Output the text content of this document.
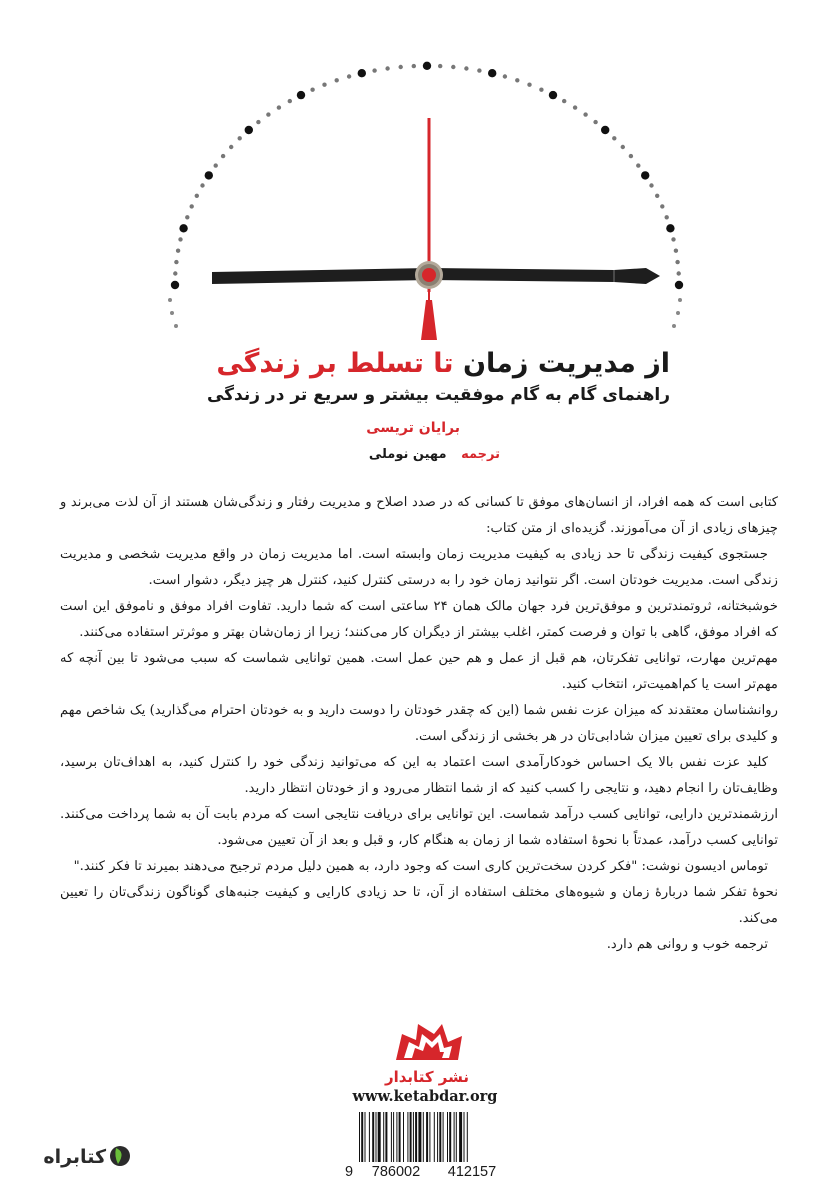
از مدیریت زمان تا تسلط بر زندگی
راهنمای گام به گام موفقیت بیشتر و سریع تر در زندگی
برایان تریسی
ترجمه مهین نوملی

کتابی است که همه افراد، از انسان‌های موفق تا کسانی که در صدد اصلاح و مدیریت رفتار و زندگی‌شان هستند از آن لذت می‌برند و چیزهای زیادی از آن می‌آموزند. گزیده‌ای از متن کتاب:

جستجوی کیفیت زندگی تا حد زیادی به کیفیت مدیریت زمان وابسته است. اما مدیریت زمان در واقع مدیریت شخصی و مدیریت زندگی است. مدیریت خودتان است. اگر نتوانید زمان خود را به درستی کنترل کنید، کنترل هر چیز دیگر، دشوار است.

خوشبختانه، ثروتمندترین و موفق‌ترین فرد جهان مالک همان ۲۴ ساعتی است که شما دارید. تفاوت افراد موفق و ناموفق این است که افراد موفق، گاهی با توان و فرصت کمتر، اغلب بیشتر از دیگران کار می‌کنند؛ زیرا از زمان‌شان بهتر و موثرتر استفاده می‌کنند.

مهم‌ترین مهارت، توانایی تفکرتان، هم قبل از عمل و هم حین عمل است. همین توانایی شماست که سبب می‌شود تا بین آنچه که مهم‌تر است یا کم‌اهمیت‌تر، انتخاب کنید.

روانشناسان معتقدند که میزان عزت نفس شما (این که چقدر خودتان را دوست دارید و به خودتان احترام می‌گذارید) یک شاخص مهم و کلیدی برای تعیین میزان شادابی‌تان در هر بخشی از زندگی است.

کلید عزت نفس بالا یک احساس خودکارآمدی است اعتماد به این که می‌توانید زندگی خود را کنترل کنید، به اهداف‌تان برسید، وظایف‌تان را انجام دهید، و نتایجی را کسب کنید که از شما انتظار می‌رود و از خودتان انتظار دارید.

ارزشمندترین دارایی، توانایی کسب درآمد شماست. این توانایی برای دریافت نتایجی است که مردم بابت آن به شما پرداخت می‌کنند. توانایی کسب درآمد، عمدتاً با نحوهٔ استفاده شما از زمان به هنگام کار، و قبل و بعد از آن تعیین می‌شود.

توماس ادیسون نوشت: "فکر کردن سخت‌ترین کاری است که وجود دارد، به همین دلیل مردم ترجیح می‌دهند بمیرند تا فکر کنند."

نحوهٔ تفکر شما دربارهٔ زمان و شیوه‌های مختلف استفاده از آن، تا حد زیادی کارایی و کیفیت جنبه‌های گوناگون زندگی‌تان را تعیین می‌کند.

ترجمه خوب و روانی هم دارد.

نشر کتابدار
www.ketabdar.org
9	786002	412157
کتابراه
